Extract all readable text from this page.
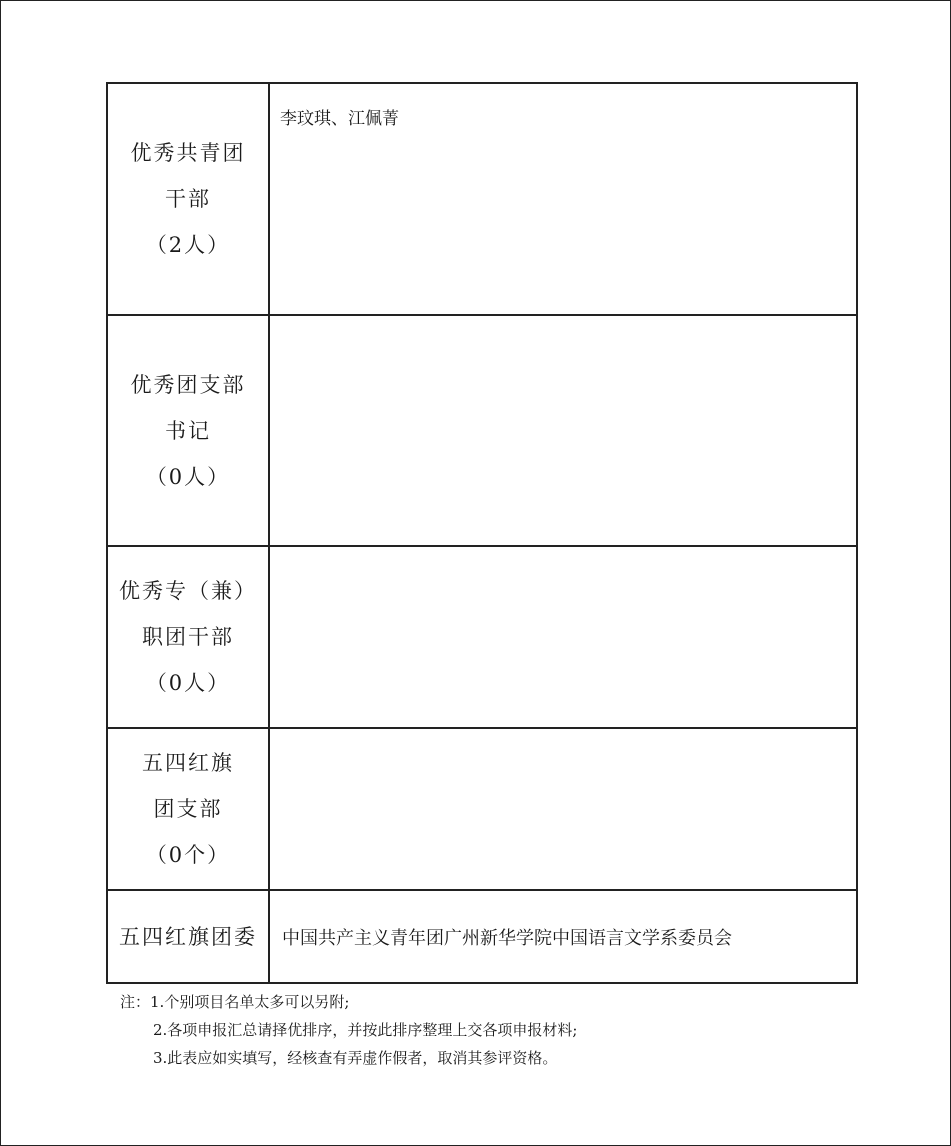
优秀共青团
干部
（2人）	李玟琪、江佩菁

优秀团支部
书记
（0人）	

优秀专（兼）
职团干部
（0人）	

五四红旗
团支部
（0个）	

五四红旗团委	中国共产主义青年团广州新华学院中国语言文学系委员会
注：1.个别项目名单太多可以另附;
2.各项申报汇总请择优排序，并按此排序整理上交各项申报材料;
3.此表应如实填写，经核查有弄虚作假者，取消其参评资格。
